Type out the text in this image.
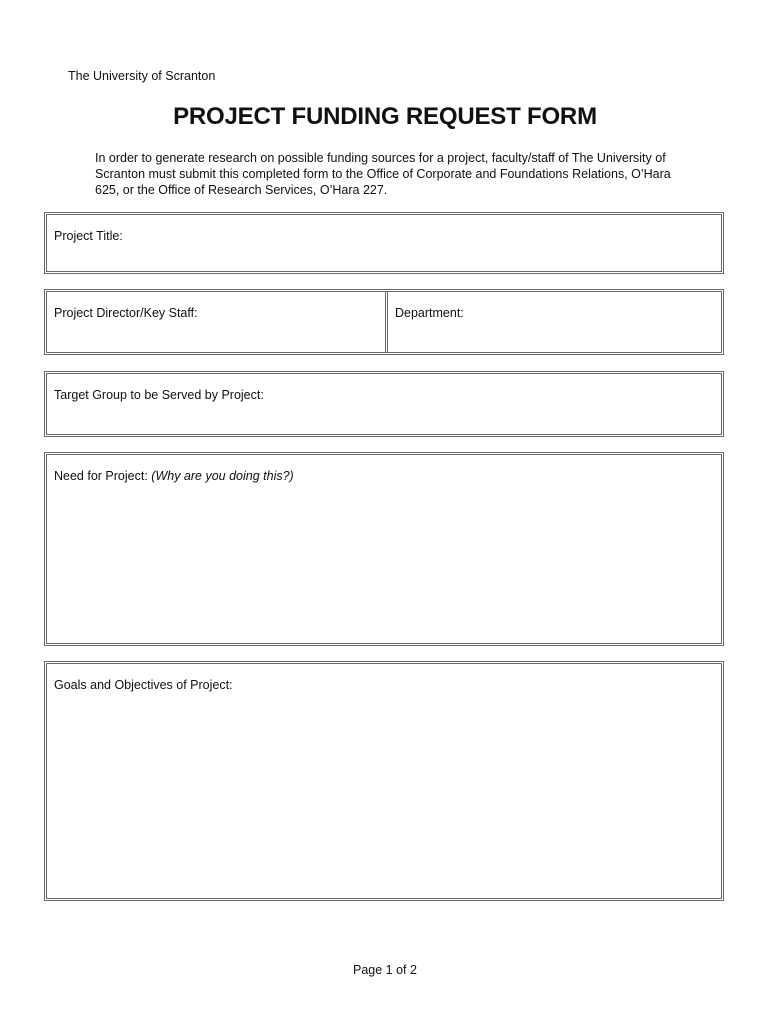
The University of Scranton
PROJECT FUNDING REQUEST FORM
In order to generate research on possible funding sources for a project, faculty/staff of The University of Scranton must submit this completed form to the Office of Corporate and Foundations Relations, O’Hara 625, or the Office of Research Services, O’Hara 227.
Project Title:
Project Director/Key Staff:	Department:
Target Group to be Served by Project:
Need for Project: (Why are you doing this?)
Goals and Objectives of Project:
Page 1 of 2
